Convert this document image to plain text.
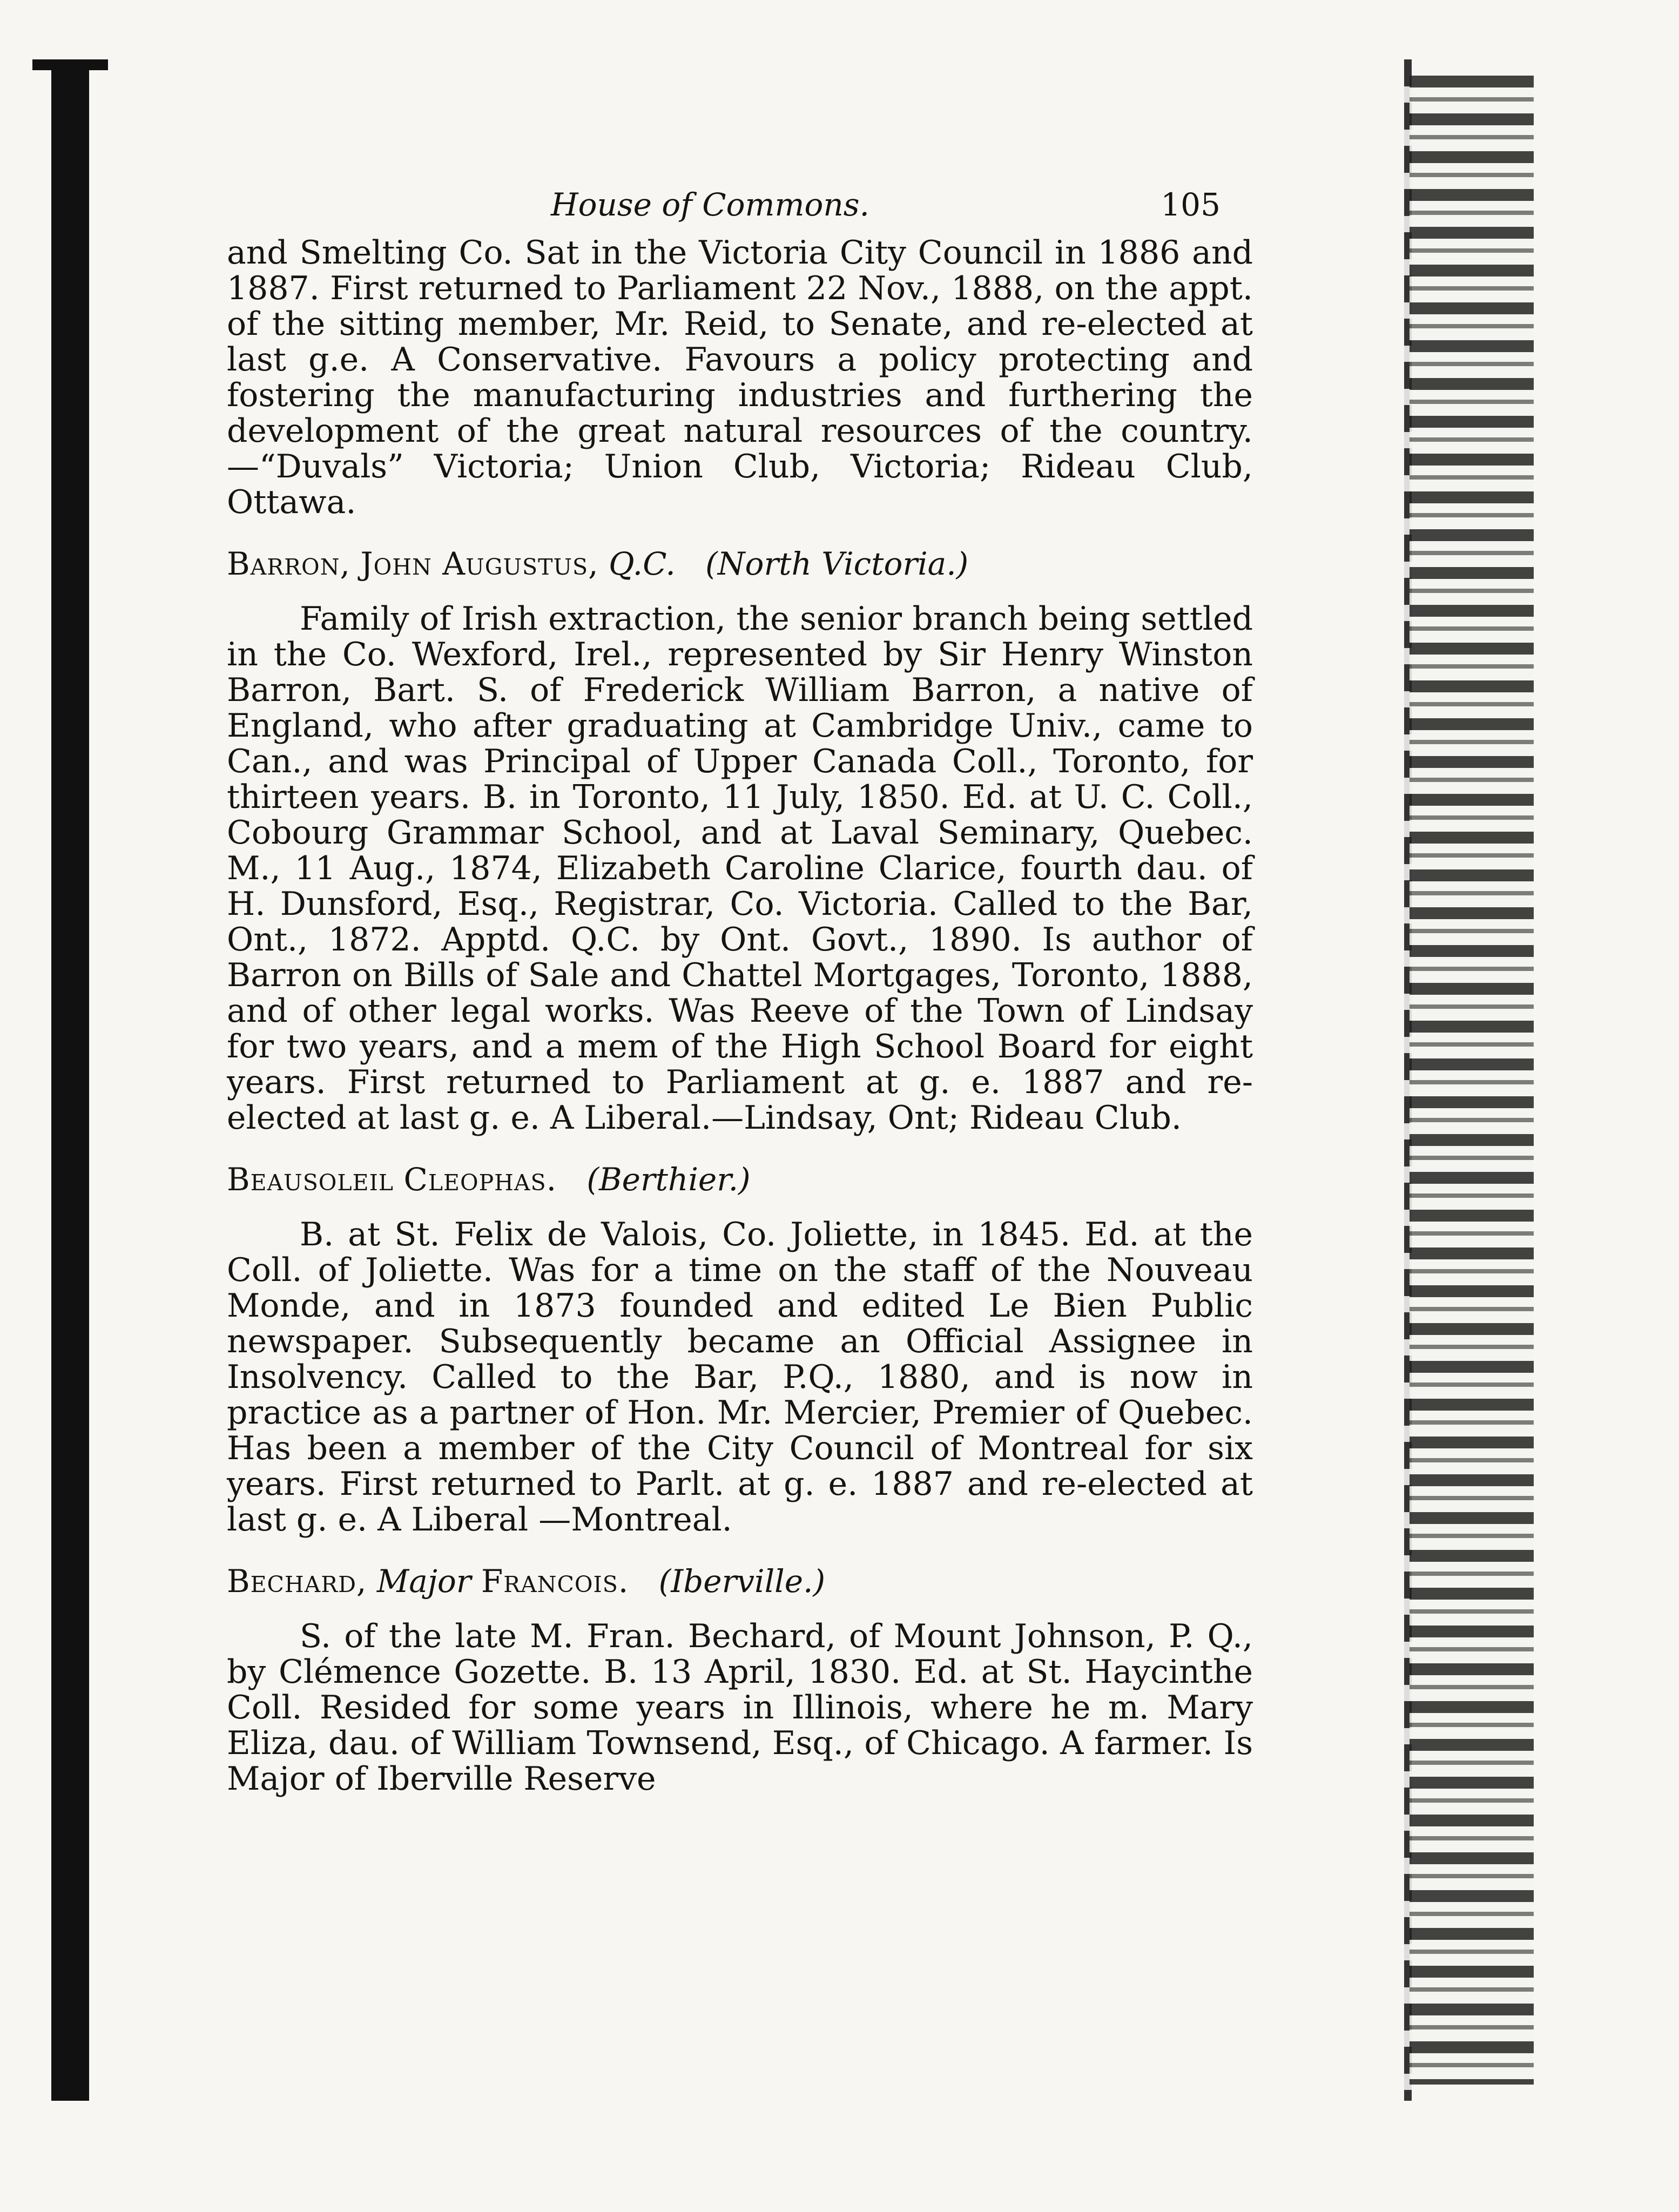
House of Commons.	105

and Smelting Co. Sat in the Victoria City Council in 1886 and 1887. First returned to Parliament 22 Nov., 1888, on the appt. of the sitting member, Mr. Reid, to Senate, and re-elected at last g.e. A Conservative. Favours a policy protecting and fostering the manufacturing industries and furthering the development of the great natural resources of the country.—“Duvals” Victoria; Union Club, Victoria; Rideau Club, Ottawa.

Barron, John Augustus, Q.C. (North Victoria.)

Family of Irish extraction, the senior branch being settled in the Co. Wexford, Irel., represented by Sir Henry Winston Barron, Bart. S. of Frederick William Barron, a native of England, who after graduating at Cambridge Univ., came to Can., and was Principal of Upper Canada Coll., Toronto, for thirteen years. B. in Toronto, 11 July, 1850. Ed. at U. C. Coll., Cobourg Grammar School, and at Laval Seminary, Quebec. M., 11 Aug., 1874, Elizabeth Caroline Clarice, fourth dau. of H. Dunsford, Esq., Registrar, Co. Victoria. Called to the Bar, Ont., 1872. Apptd. Q.C. by Ont. Govt., 1890. Is author of Barron on Bills of Sale and Chattel Mortgages, Toronto, 1888, and of other legal works. Was Reeve of the Town of Lindsay for two years, and a mem of the High School Board for eight years. First returned to Parliament at g. e. 1887 and re-elected at last g. e. A Liberal.—Lindsay, Ont; Rideau Club.

Beausoleil Cleophas. (Berthier.)

B. at St. Felix de Valois, Co. Joliette, in 1845. Ed. at the Coll. of Joliette. Was for a time on the staff of the Nouveau Monde, and in 1873 founded and edited Le Bien Public newspaper. Subsequently became an Official Assignee in Insolvency. Called to the Bar, P.Q., 1880, and is now in practice as a partner of Hon. Mr. Mercier, Premier of Quebec. Has been a member of the City Council of Montreal for six years. First returned to Parlt. at g. e. 1887 and re-elected at last g. e. A Liberal —Montreal.

Bechard, Major Francois. (Iberville.)

S. of the late M. Fran. Bechard, of Mount Johnson, P. Q., by Clémence Gozette. B. 13 April, 1830. Ed. at St. Haycinthe Coll. Resided for some years in Illinois, where he m. Mary Eliza, dau. of William Townsend, Esq., of Chicago. A farmer. Is Major of Iberville Reserve
